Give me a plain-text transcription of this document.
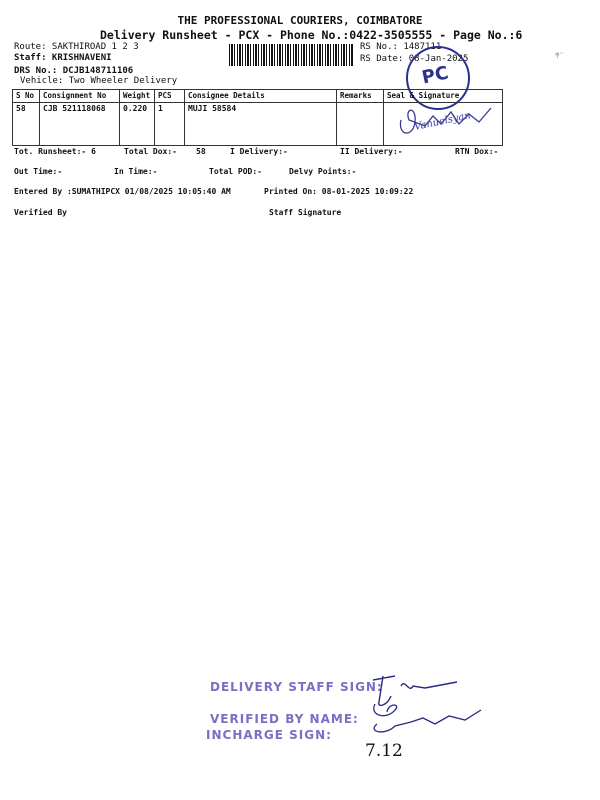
THE PROFESSIONAL COURIERS, COIMBATORE
Delivery Runsheet - PCX - Phone No.:0422-3505555 - Page No.:6
Route: SAKTHIROAD 1 2 3
Staff: KRISHNAVENI
DRS No.: DCJB148711106
Vehicle: Two Wheeler Delivery
RS No.: 1487111
RS Date: 08-Jan-2025	ͳ˜
PC
S No	Consignment No	Weight	PCS	Consignee Details	Remarks	Seal & Signature
58	CJB 521118068	0.220	1	MUJI 58584		
Vanuelsyan
Tot. Runsheet:- 6	Total Dox:- 58	I Delivery:-	II Delivery:-	RTN Dox:-
Out Time:-	In Time:-	Total POD:-	Delvy Points:-
Entered By :SUMATHIPCX 01/08/2025 10:05:40 AM	Printed On: 08-01-2025 10:09:22
Verified By	Staff Signature
DELIVERY STAFF SIGN:
VERIFIED BY NAME:
INCHARGE SIGN:
7.12
